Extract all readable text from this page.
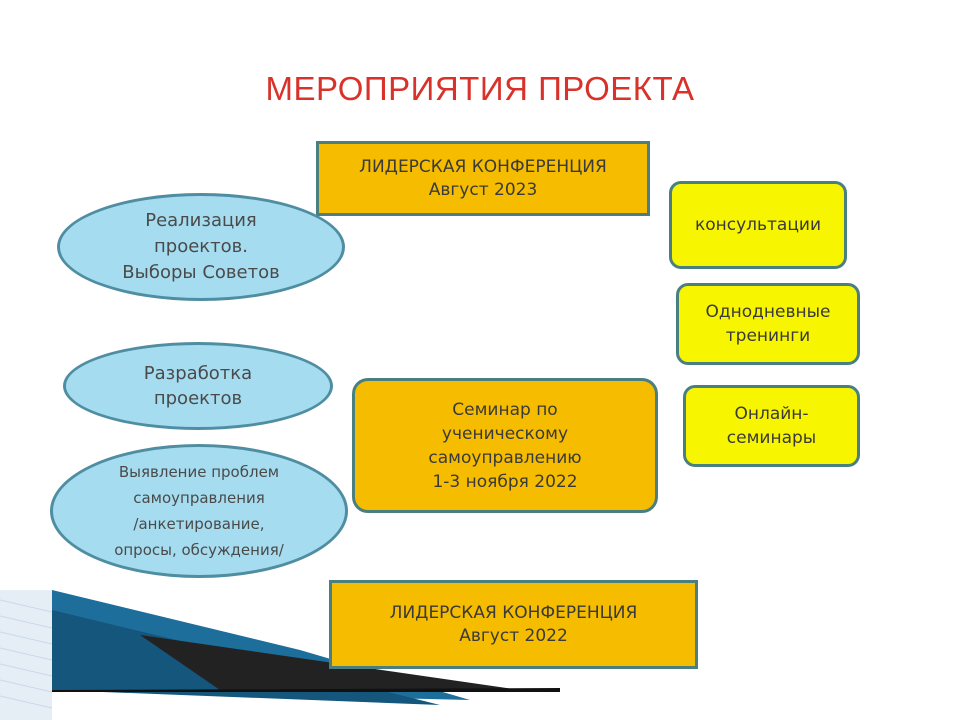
МЕРОПРИЯТИЯ ПРОЕКТА
ЛИДЕРСКАЯ КОНФЕРЕНЦИЯ
Август 2023
Семинар по
ученическому
самоуправлению
1-3 ноября 2022
ЛИДЕРСКАЯ КОНФЕРЕНЦИЯ
Август 2022
консультации
Однодневные
тренинги
Онлайн-
семинары
Реализация
проектов.
Выборы Советов
Разработка
проектов
Выявление проблем
самоуправления
/анкетирование,
опросы, обсуждения/
